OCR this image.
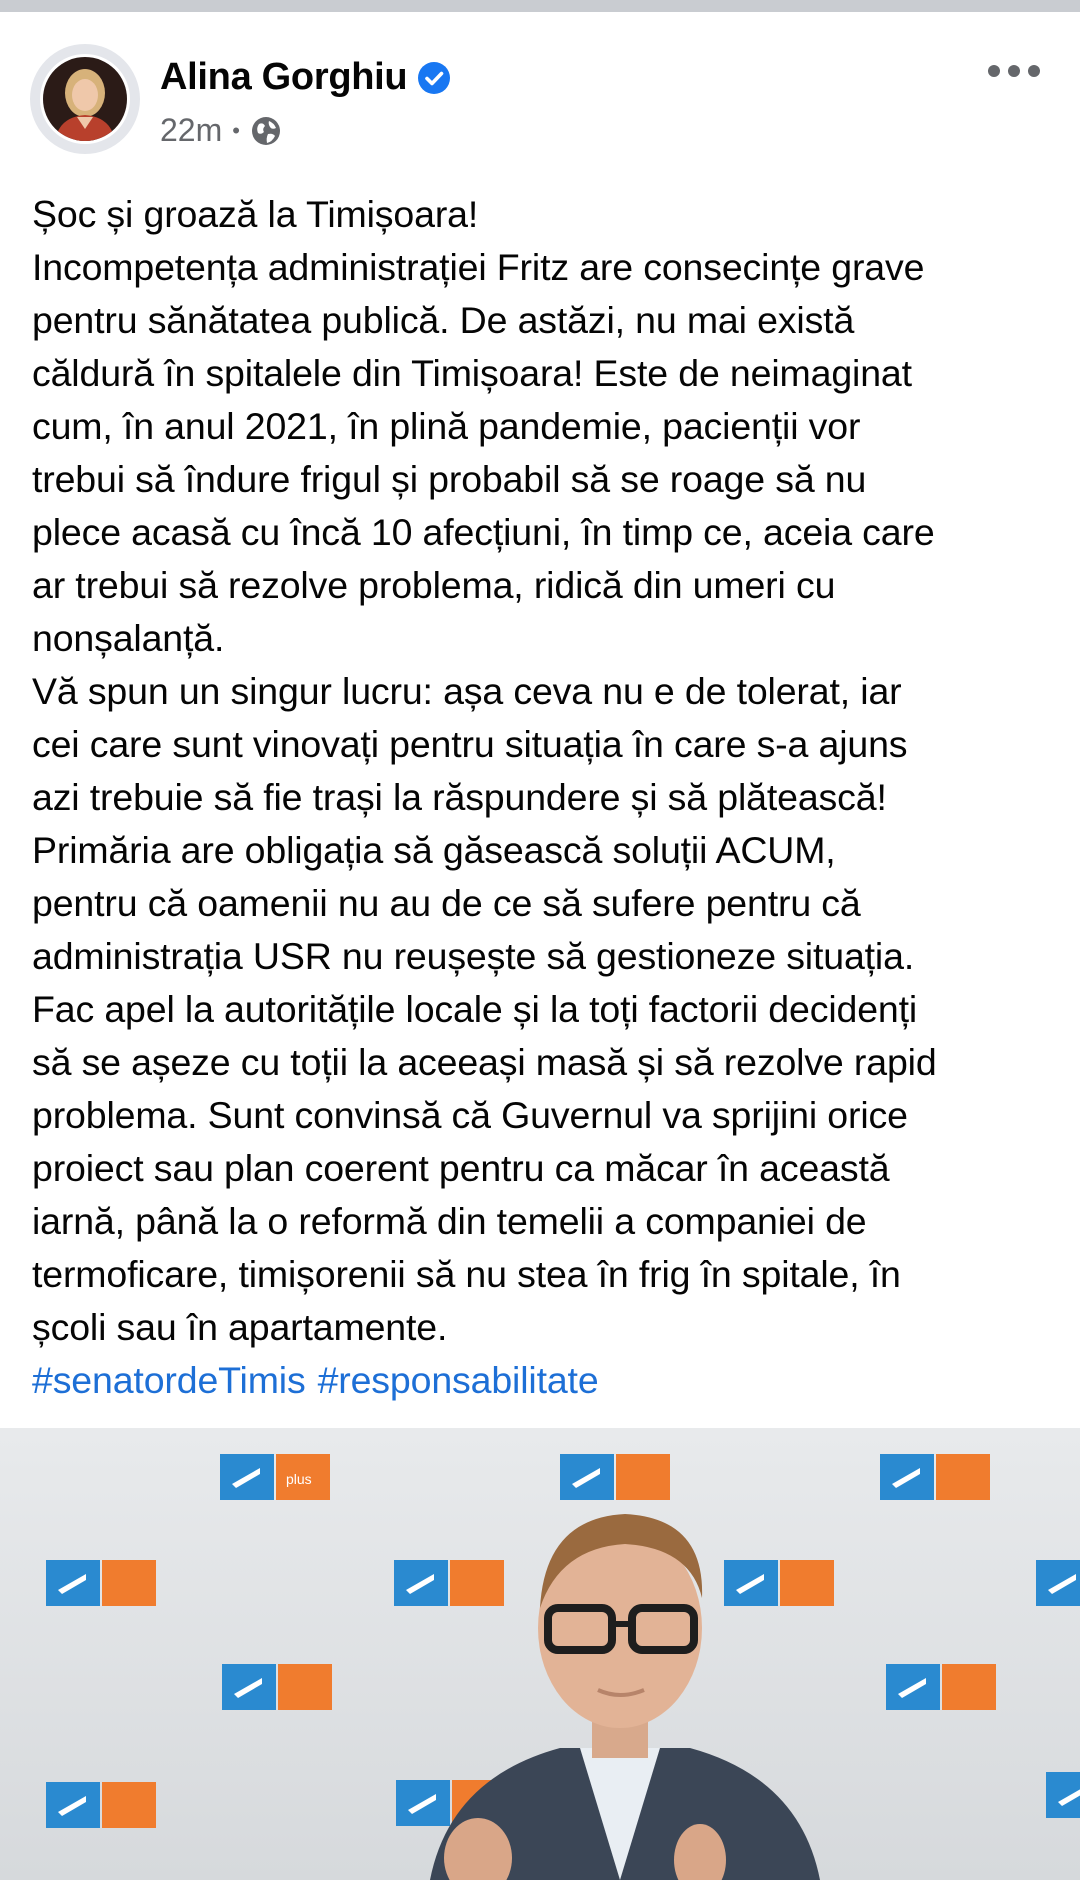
Alina Gorghiu
22m •

Șoc și groază la Timișoara!

Incompetența administrației Fritz are consecințe grave

pentru sănătatea publică. De astăzi, nu mai există

căldură în spitalele din Timișoara! Este de neimaginat

cum, în anul 2021, în plină pandemie, pacienții vor

trebui să îndure frigul și probabil să se roage să nu

plece acasă cu încă 10 afecțiuni, în timp ce, aceia care

ar trebui să rezolve problema, ridică din umeri cu

nonșalanță.

Vă spun un singur lucru: așa ceva nu e de tolerat, iar

cei care sunt vinovați pentru situația în care s-a ajuns

azi trebuie să fie trași la răspundere și să plătească!

Primăria are obligația să găsească soluții ACUM,

pentru că oamenii nu au de ce să sufere pentru că

administrația USR nu reușește să gestioneze situația.

Fac apel la autoritățile locale și la toți factorii decidenți

să se așeze cu toții la aceeași masă și să rezolve rapid

problema. Sunt convinsă că Guvernul va sprijini orice

proiect sau plan coerent pentru ca măcar în această

iarnă, până la o reformă din temelii a companiei de

termoficare, timișorenii să nu stea în frig în spitale, în

școli sau în apartamente.

#senatordeTimis #responsabilitate

plus
